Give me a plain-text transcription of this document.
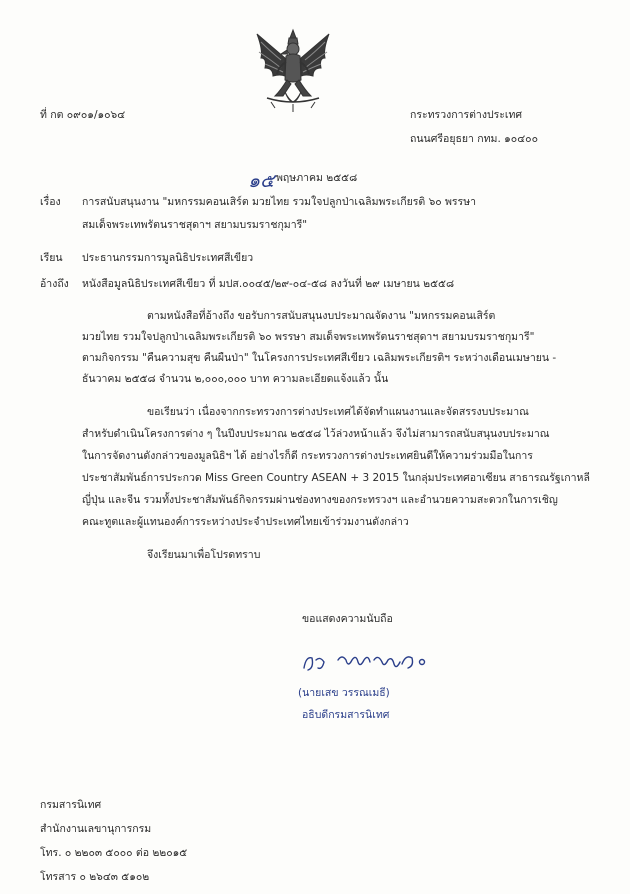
ที่ กต ๐๙๐๑/๑๐๖๔	กระทรวงการต่างประเทศ
ถนนศรีอยุธยา กทม. ๑๐๔๐๐
๑๕ พฤษภาคม ๒๕๕๘
เรื่อง การสนับสนุนงาน "มหกรรมคอนเสิร์ต มวยไทย รวมใจปลูกป่าเฉลิมพระเกียรติ ๖๐ พรรษา
สมเด็จพระเทพรัตนราชสุดาฯ สยามบรมราชกุมารี"
เรียน ประธานกรรมการมูลนิธิประเทศสีเขียว
อ้างถึง หนังสือมูลนิธิประเทศสีเขียว ที่ มปส.๐๐๔๕/๒๙-๐๔-๕๘ ลงวันที่ ๒๙ เมษายน ๒๕๕๘
ตามหนังสือที่อ้างถึง ขอรับการสนับสนุนงบประมาณจัดงาน "มหกรรมคอนเสิร์ต
มวยไทย รวมใจปลูกป่าเฉลิมพระเกียรติ ๖๐ พรรษา สมเด็จพระเทพรัตนราชสุดาฯ สยามบรมราชกุมารี"
ตามกิจกรรม "คืนความสุข คืนผืนป่า" ในโครงการประเทศสีเขียว เฉลิมพระเกียรติฯ ระหว่างเดือนเมษายน -
ธันวาคม ๒๕๕๘ จำนวน ๒,๐๐๐,๐๐๐ บาท ความละเอียดแจ้งแล้ว นั้น
ขอเรียนว่า เนื่องจากกระทรวงการต่างประเทศได้จัดทำแผนงานและจัดสรรงบประมาณ
สำหรับดำเนินโครงการต่าง ๆ ในปีงบประมาณ ๒๕๕๘ ไว้ล่วงหน้าแล้ว จึงไม่สามารถสนับสนุนงบประมาณ
ในการจัดงานดังกล่าวของมูลนิธิฯ ได้ อย่างไรก็ดี กระทรวงการต่างประเทศยินดีให้ความร่วมมือในการ
ประชาสัมพันธ์การประกวด Miss Green Country ASEAN + 3 2015 ในกลุ่มประเทศอาเซียน สาธารณรัฐเกาหลี
ญี่ปุ่น และจีน รวมทั้งประชาสัมพันธ์กิจกรรมผ่านช่องทางของกระทรวงฯ และอำนวยความสะดวกในการเชิญ
คณะทูตและผู้แทนองค์การระหว่างประจำประเทศไทยเข้าร่วมงานดังกล่าว
จึงเรียนมาเพื่อโปรดทราบ
ขอแสดงความนับถือ
(นายเสข วรรณเมธี)
อธิบดีกรมสารนิเทศ
กรมสารนิเทศ
สำนักงานเลขานุการกรม
โทร. ๐ ๒๒๐๓ ๕๐๐๐ ต่อ ๒๒๐๑๕
โทรสาร ๐ ๒๖๔๓ ๕๑๐๒
